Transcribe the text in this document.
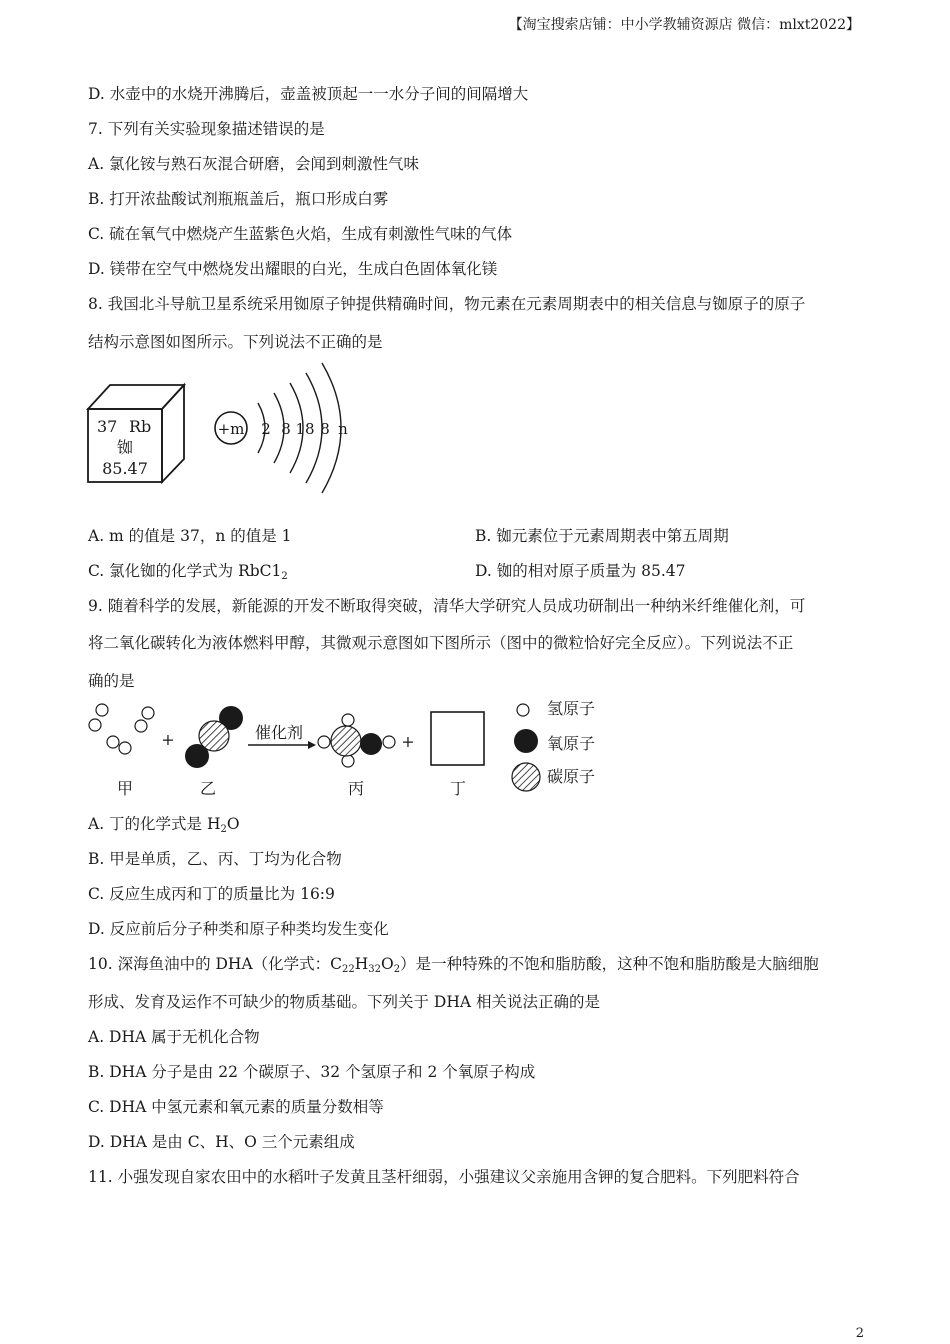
【淘宝搜索店铺：中小学教辅资源店 微信：mlxt2022】
D. 水壶中的水烧开沸腾后，壶盖被顶起一一水分子间的间隔增大
7. 下列有关实验现象描述错误的是
A. 氯化铵与熟石灰混合研磨，会闻到刺激性气味
B. 打开浓盐酸试剂瓶瓶盖后，瓶口形成白雾
C. 硫在氧气中燃烧产生蓝紫色火焰，生成有刺激性气味的气体
D. 镁带在空气中燃烧发出耀眼的白光，生成白色固体氧化镁
8. 我国北斗导航卫星系统采用铷原子钟提供精确时间，物元素在元素周期表中的相关信息与铷原子的原子
结构示意图如图所示。下列说法不正确的是
37 Rb
铷
85.47
+m 2 8 18 8 n
A. m 的值是 37，n 的值是 1	B. 铷元素位于元素周期表中第五周期
C. 氯化铷的化学式为 $RbC1_2$	D. 铷的相对原子质量为 85.47
9. 随着科学的发展，新能源的开发不断取得突破，清华大学研究人员成功研制出一种纳米纤维催化剂，可
将二氧化碳转化为液体燃料甲醇，其微观示意图如下图所示（图中的微粒恰好完全反应）。下列说法不正
确的是
+	催化剂	+
甲	乙	丙	丁
氢原子
氧原子
碳原子
A. 丁的化学式是 $H_2O$
B. 甲是单质，乙、丙、丁均为化合物
C. 反应生成丙和丁的质量比为 16:9
D. 反应前后分子种类和原子种类均发生变化
10. 深海鱼油中的 DHA（化学式：$C_{22}H_{32}O_2$）是一种特殊的不饱和脂肪酸，这种不饱和脂肪酸是大脑细胞
形成、发育及运作不可缺少的物质基础。下列关于 DHA 相关说法正确的是
A. DHA 属于无机化合物
B. DHA 分子是由 22 个碳原子、32 个氢原子和 2 个氧原子构成
C. DHA 中氢元素和氧元素的质量分数相等
D. DHA 是由 C、H、O 三个元素组成
11. 小强发现自家农田中的水稻叶子发黄且茎杆细弱，小强建议父亲施用含钾的复合肥料。下列肥料符合
2
